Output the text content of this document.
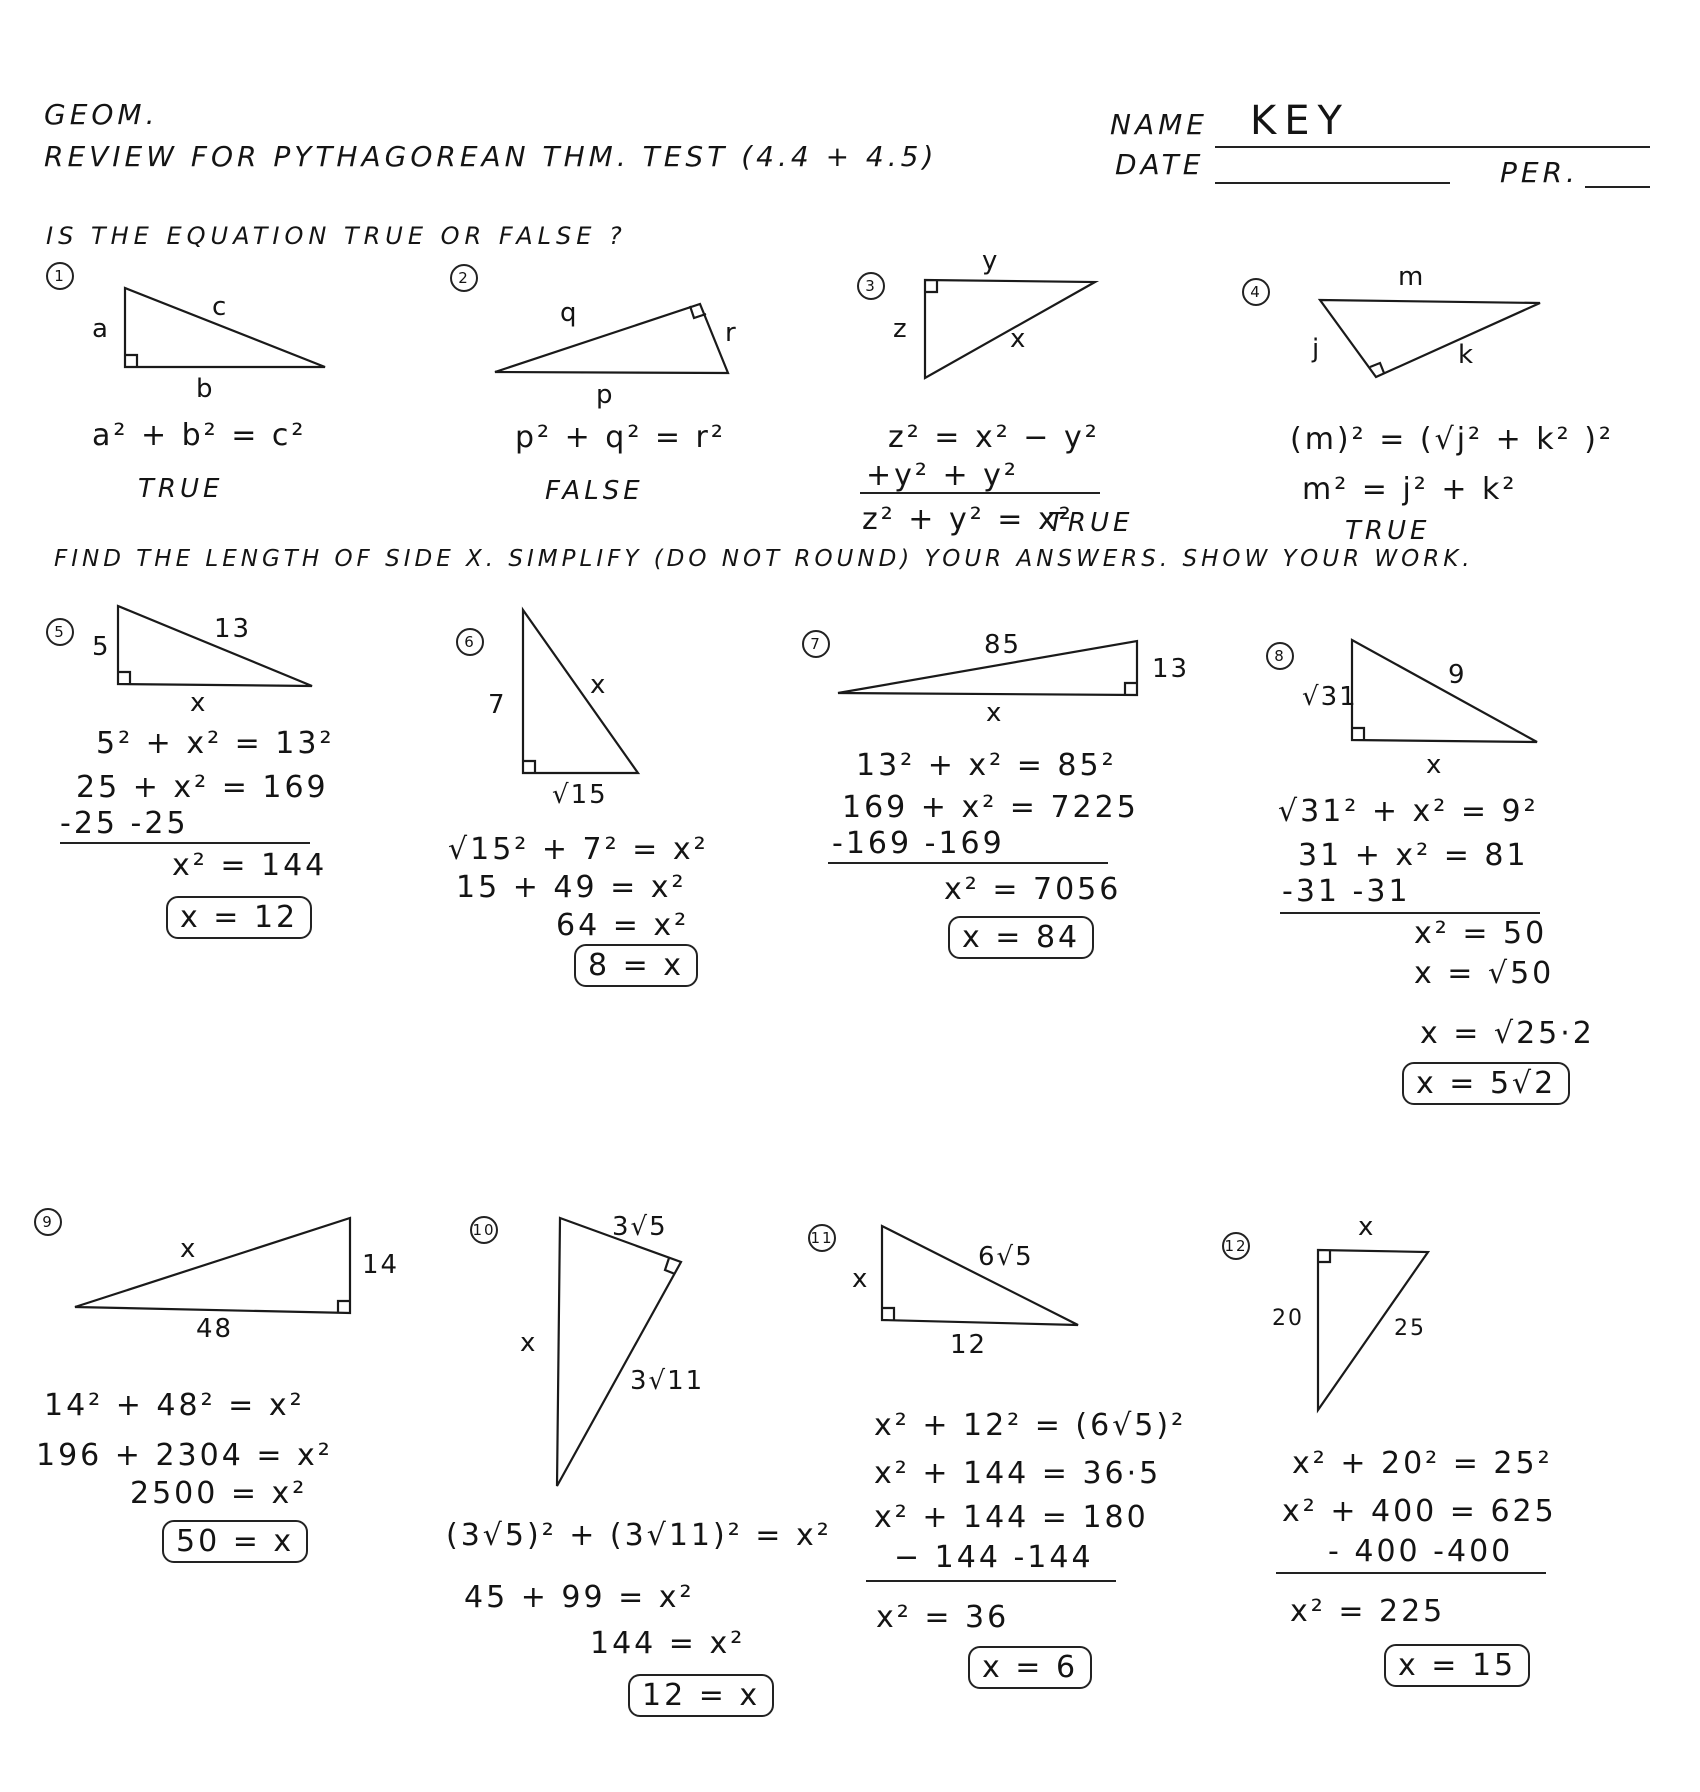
GEOM.
REVIEW FOR PYTHAGOREAN THM. TEST (4.4 + 4.5)
NAME KEY
DATE	PER.
IS THE EQUATION TRUE OR FALSE ?
1
a
c
b
a² + b² = c²
TRUE
2
q
r
p
p² + q² = r²
FALSE
3
y
z	x
z² = x² − y²
+y² + y²
z² + y² = x²
TRUE
4	m
j	k
(m)² = (√j² + k² )²
m² = j² + k²
TRUE
FIND THE LENGTH OF SIDE X. SIMPLIFY (DO NOT ROUND) YOUR ANSWERS. SHOW YOUR WORK.
5	5
13
x
5² + x² = 13²
25 + x² = 169
-25 -25
x² = 144
x = 12
6
7
x
√15
√15² + 7² = x²
15 + 49 = x²
64 = x²
8 = x
7	85
13
x
13² + x² = 85²
169 + x² = 7225
-169 -169
x² = 7056
x = 84
8
√31
9
x
√31² + x² = 9²
31 + x² = 81
-31 -31
x² = 50
x = √50
x = √25·2
x = 5√2
9
x
14
48
14² + 48² = x²
196 + 2304 = x²
2500 = x²
50 = x
10	3√5
x
3√11
(3√5)² + (3√11)² = x²
45 + 99 = x²
144 = x²
12 = x
11
x
6√5
12
x² + 12² = (6√5)²
x² + 144 = 36·5
x² + 144 = 180
− 144 -144
x² = 36
x = 6
12
x
20	25
x² + 20² = 25²
x² + 400 = 625
- 400 -400
x² = 225
x = 15
